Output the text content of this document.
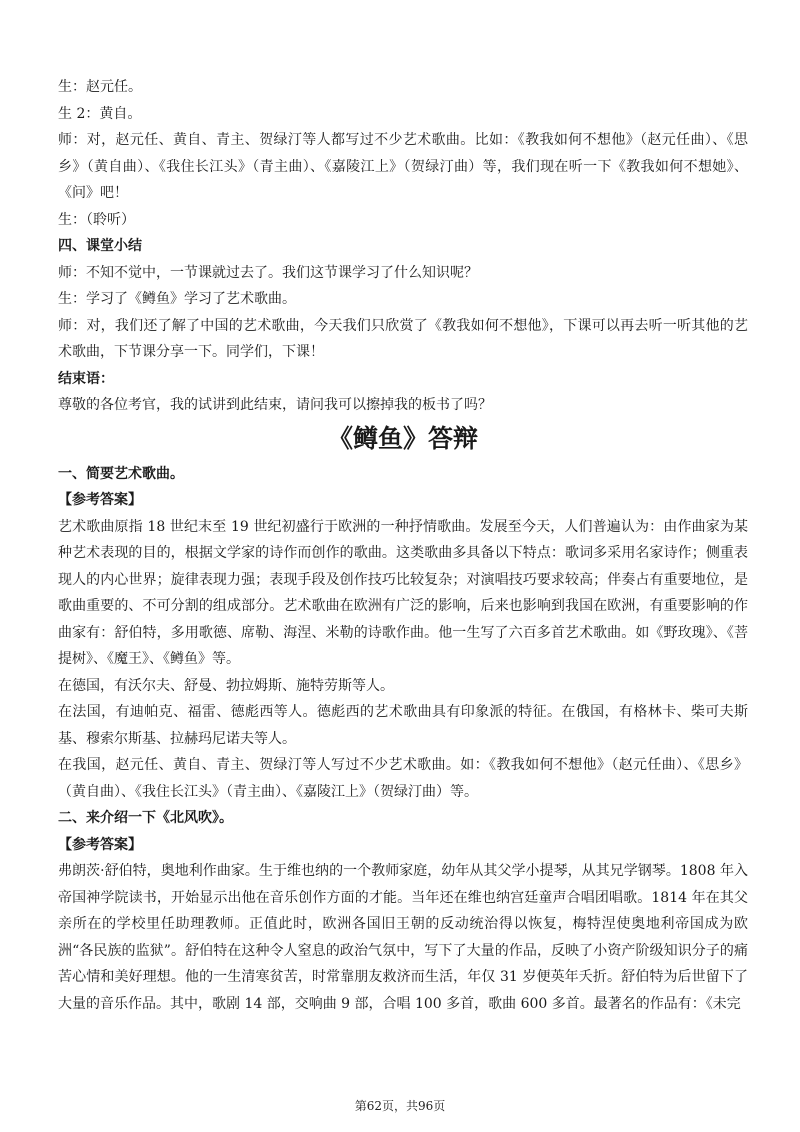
生：赵元任。

生 2：黄自。

师：对，赵元任、黄自、青主、贺绿汀等人都写过不少艺术歌曲。比如：《教我如何不想他》（赵元任曲）、《思乡》（黄自曲）、《我住长江头》（青主曲）、《嘉陵江上》（贺绿汀曲）等，我们现在听一下《教我如何不想她》、《问》吧！

生：（聆听）

四、课堂小结

师：不知不觉中，一节课就过去了。我们这节课学习了什么知识呢？

生：学习了《鳟鱼》学习了艺术歌曲。

师：对，我们还了解了中国的艺术歌曲，今天我们只欣赏了《教我如何不想他》，下课可以再去听一听其他的艺术歌曲，下节课分享一下。同学们，下课！

结束语：

尊敬的各位考官，我的试讲到此结束，请问我可以擦掉我的板书了吗？

《鳟鱼》答辩

一、简要艺术歌曲。

【参考答案】

艺术歌曲原指 18 世纪末至 19 世纪初盛行于欧洲的一种抒情歌曲。发展至今天，人们普遍认为：由作曲家为某种艺术表现的目的，根据文学家的诗作而创作的歌曲。这类歌曲多具备以下特点：歌词多采用名家诗作；侧重表现人的内心世界；旋律表现力强；表现手段及创作技巧比较复杂；对演唱技巧要求较高；伴奏占有重要地位，是歌曲重要的、不可分割的组成部分。艺术歌曲在欧洲有广泛的影响，后来也影响到我国在欧洲，有重要影响的作曲家有：舒伯特，多用歌德、席勒、海涅、米勒的诗歌作曲。他一生写了六百多首艺术歌曲。如《野玫瑰》、《菩提树》、《魔王》、《鳟鱼》等。

在德国，有沃尔夫、舒曼、勃拉姆斯、施特劳斯等人。

在法国，有迪帕克、福雷、德彪西等人。德彪西的艺术歌曲具有印象派的特征。在俄国，有格林卡、柴可夫斯基、穆索尔斯基、拉赫玛尼诺夫等人。

在我国，赵元任、黄自、青主、贺绿汀等人写过不少艺术歌曲。如：《教我如何不想他》（赵元任曲）、《思乡》（黄自曲）、《我住长江头》（青主曲）、《嘉陵江上》（贺绿汀曲）等。

二、来介绍一下《北风吹》。

【参考答案】

弗朗茨·舒伯特，奥地利作曲家。生于维也纳的一个教师家庭，幼年从其父学小提琴，从其兄学钢琴。1808 年入帝国神学院读书，开始显示出他在音乐创作方面的才能。当年还在维也纳宫廷童声合唱团唱歌。1814 年在其父亲所在的学校里任助理教师。正值此时，欧洲各国旧王朝的反动统治得以恢复，梅特涅使奥地利帝国成为欧洲“各民族的监狱”。舒伯特在这种令人窒息的政治气氛中，写下了大量的作品，反映了小资产阶级知识分子的痛苦心情和美好理想。他的一生清寒贫苦，时常靠朋友救济而生活，年仅 31 岁便英年夭折。舒伯特为后世留下了大量的音乐作品。其中，歌剧 14 部，交响曲 9 部，合唱 100 多首，歌曲 600 多首。最著名的作品有：《未完

第62页，共96页
